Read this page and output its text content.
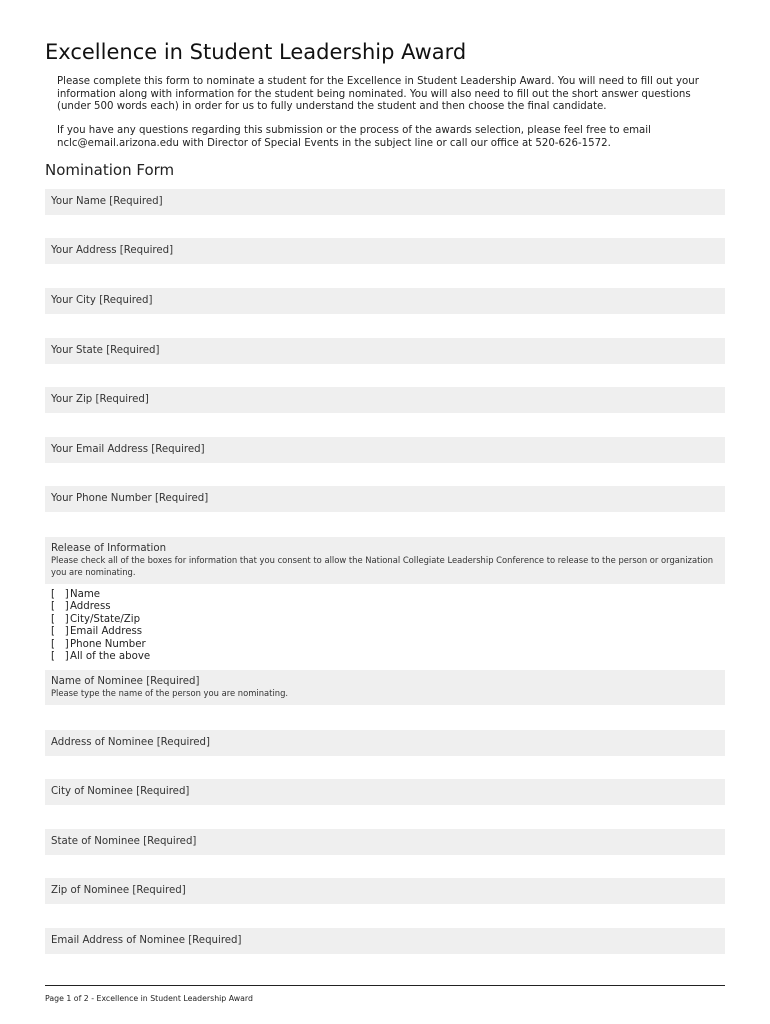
Excellence in Student Leadership Award

Please complete this form to nominate a student for the Excellence in Student Leadership Award. You will need to fill out your information along with information for the student being nominated. You will also need to fill out the short answer questions (under 500 words each) in order for us to fully understand the student and then choose the final candidate.

If you have any questions regarding this submission or the process of the awards selection, please feel free to email nclc@email.arizona.edu with Director of Special Events in the subject line or call our office at 520-626-1572.

Nomination Form
Your Name [Required]
Your Address [Required]
Your City [Required]
Your State [Required]
Your Zip [Required]
Your Email Address [Required]
Your Phone Number [Required]
Release of Information
Please check all of the boxes for information that you consent to allow the National Collegiate Leadership Conference to release to the person or organization you are nominating.
[   ]Name
[   ]Address
[   ]City/State/Zip
[   ]Email Address
[   ]Phone Number
[   ]All of the above
Name of Nominee [Required]
Please type the name of the person you are nominating.
Address of Nominee [Required]
City of Nominee [Required]
State of Nominee [Required]
Zip of Nominee [Required]
Email Address of Nominee [Required]
Page 1 of 2 - Excellence in Student Leadership Award
